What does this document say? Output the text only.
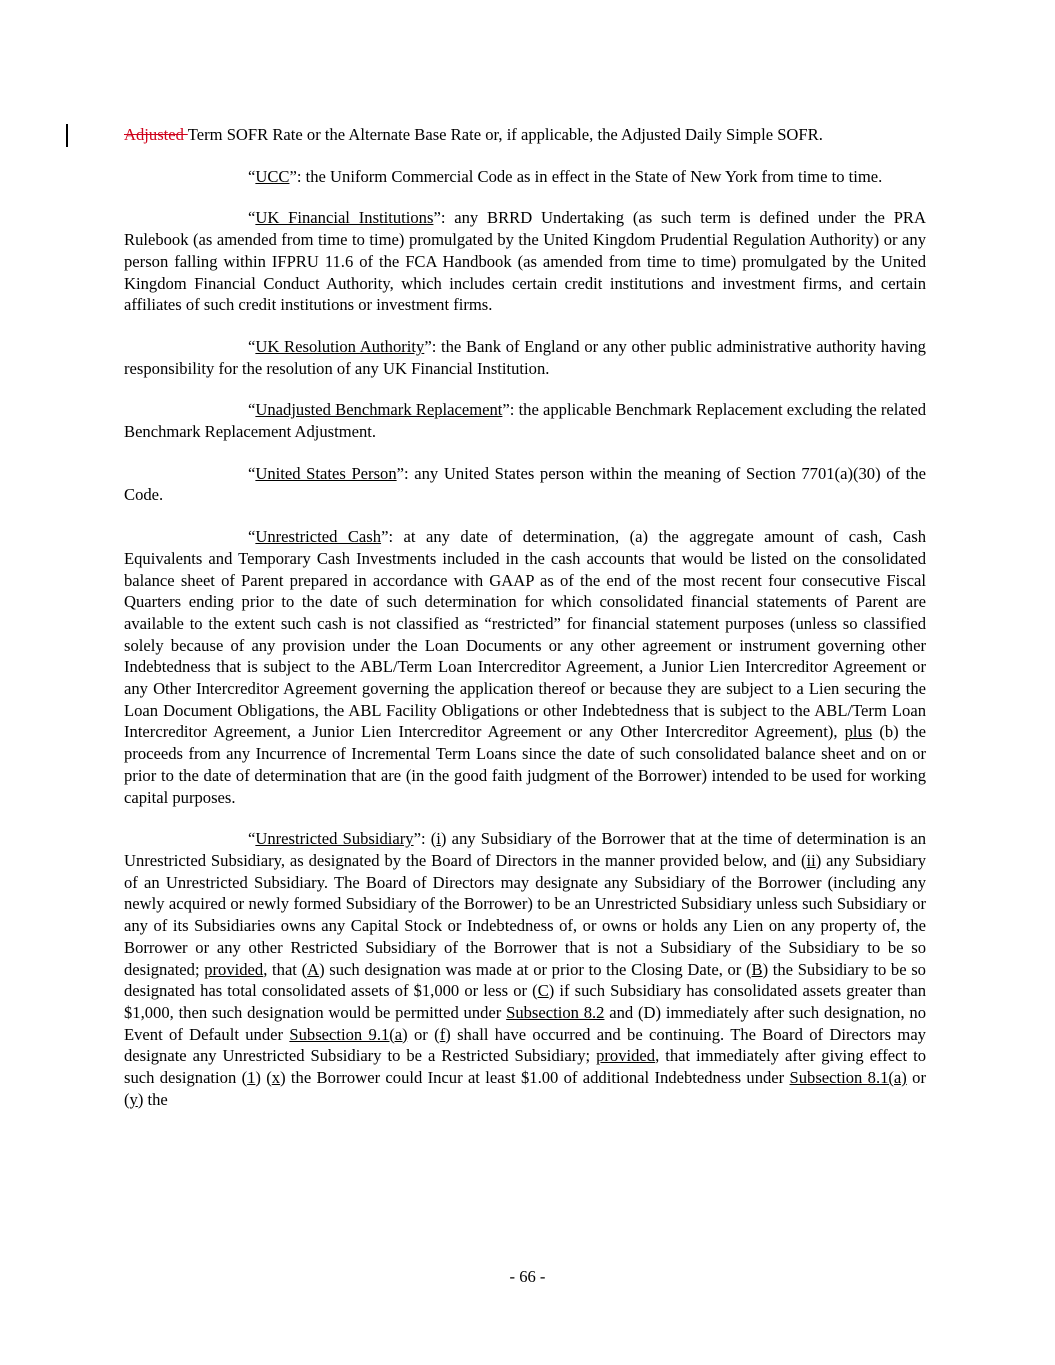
Adjusted Term SOFR Rate or the Alternate Base Rate or, if applicable, the Adjusted Daily Simple SOFR.

“UCC”: the Uniform Commercial Code as in effect in the State of New York from time to time.

“UK Financial Institutions”: any BRRD Undertaking (as such term is defined under the PRA Rulebook (as amended from time to time) promulgated by the United Kingdom Prudential Regulation Authority) or any person falling within IFPRU 11.6 of the FCA Handbook (as amended from time to time) promulgated by the United Kingdom Financial Conduct Authority, which includes certain credit institutions and investment firms, and certain affiliates of such credit institutions or investment firms.

“UK Resolution Authority”: the Bank of England or any other public administrative authority having responsibility for the resolution of any UK Financial Institution.

“Unadjusted Benchmark Replacement”: the applicable Benchmark Replacement excluding the related Benchmark Replacement Adjustment.

“United States Person”: any United States person within the meaning of Section 7701(a)(30) of the Code.

“Unrestricted Cash”: at any date of determination, (a) the aggregate amount of cash, Cash Equivalents and Temporary Cash Investments included in the cash accounts that would be listed on the consolidated balance sheet of Parent prepared in accordance with GAAP as of the end of the most recent four consecutive Fiscal Quarters ending prior to the date of such determination for which consolidated financial statements of Parent are available to the extent such cash is not classified as “restricted” for financial statement purposes (unless so classified solely because of any provision under the Loan Documents or any other agreement or instrument governing other Indebtedness that is subject to the ABL/Term Loan Intercreditor Agreement, a Junior Lien Intercreditor Agreement or any Other Intercreditor Agreement governing the application thereof or because they are subject to a Lien securing the Loan Document Obligations, the ABL Facility Obligations or other Indebtedness that is subject to the ABL/Term Loan Intercreditor Agreement, a Junior Lien Intercreditor Agreement or any Other Intercreditor Agreement), plus (b) the proceeds from any Incurrence of Incremental Term Loans since the date of such consolidated balance sheet and on or prior to the date of determination that are (in the good faith judgment of the Borrower) intended to be used for working capital purposes.

“Unrestricted Subsidiary”: (i) any Subsidiary of the Borrower that at the time of determination is an Unrestricted Subsidiary, as designated by the Board of Directors in the manner provided below, and (ii) any Subsidiary of an Unrestricted Subsidiary. The Board of Directors may designate any Subsidiary of the Borrower (including any newly acquired or newly formed Subsidiary of the Borrower) to be an Unrestricted Subsidiary unless such Subsidiary or any of its Subsidiaries owns any Capital Stock or Indebtedness of, or owns or holds any Lien on any property of, the Borrower or any other Restricted Subsidiary of the Borrower that is not a Subsidiary of the Subsidiary to be so designated; provided, that (A) such designation was made at or prior to the Closing Date, or (B) the Subsidiary to be so designated has total consolidated assets of $1,000 or less or (C) if such Subsidiary has consolidated assets greater than $1,000, then such designation would be permitted under Subsection 8.2 and (D) immediately after such designation, no Event of Default under Subsection 9.1(a) or (f) shall have occurred and be continuing. The Board of Directors may designate any Unrestricted Subsidiary to be a Restricted Subsidiary; provided, that immediately after giving effect to such designation (1) (x) the Borrower could Incur at least $1.00 of additional Indebtedness under Subsection 8.1(a) or (y) the

- 66 -
